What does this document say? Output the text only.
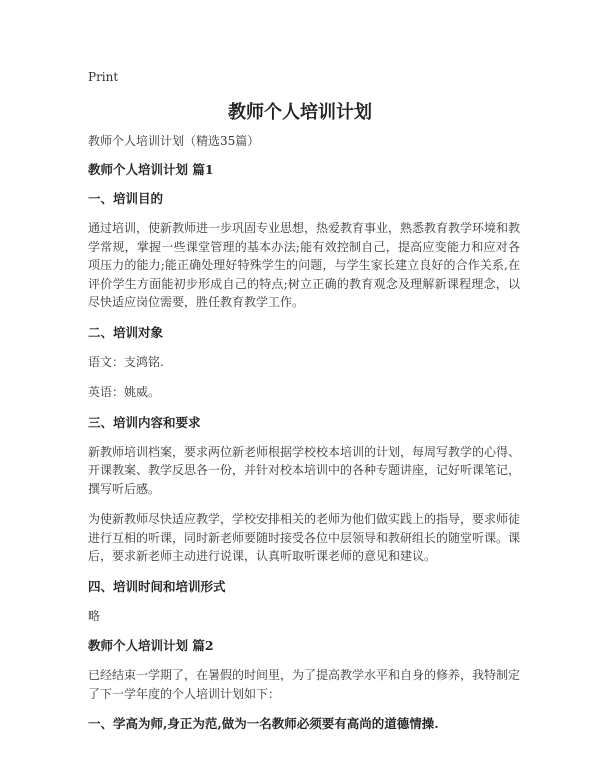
Print
教师个人培训计划

教师个人培训计划（精选35篇）

教师个人培训计划 篇1

一、培训目的

通过培训，使新教师进一步巩固专业思想，热爱教育事业，熟悉教育教学环境和教学常规，掌握一些课堂管理的基本办法;能有效控制自己，提高应变能力和应对各项压力的能力;能正确处理好特殊学生的问题，与学生家长建立良好的合作关系,在评价学生方面能初步形成自己的特点;树立正确的教育观念及理解新课程理念，以尽快适应岗位需要，胜任教育教学工作。

二、培训对象

语文：支鸿铭.

英语：姚威。

三、培训内容和要求

新教师培训档案，要求两位新老师根据学校校本培训的计划，每周写教学的心得、开课教案、教学反思各一份，并针对校本培训中的各种专题讲座，记好听课笔记，撰写听后感。

为使新教师尽快适应教学，学校安排相关的老师为他们做实践上的指导，要求师徒进行互相的听课，同时新老师要随时接受各位中层领导和教研组长的随堂听课。课后，要求新老师主动进行说课，认真听取听课老师的意见和建议。

四、培训时间和培训形式

略

教师个人培训计划 篇2

已经结束一学期了，在暑假的时间里，为了提高教学水平和自身的修养，我特制定了下一学年度的个人培训计划如下：

一、学高为师,身正为范,做为一名教师必须要有高尚的道德情操.
